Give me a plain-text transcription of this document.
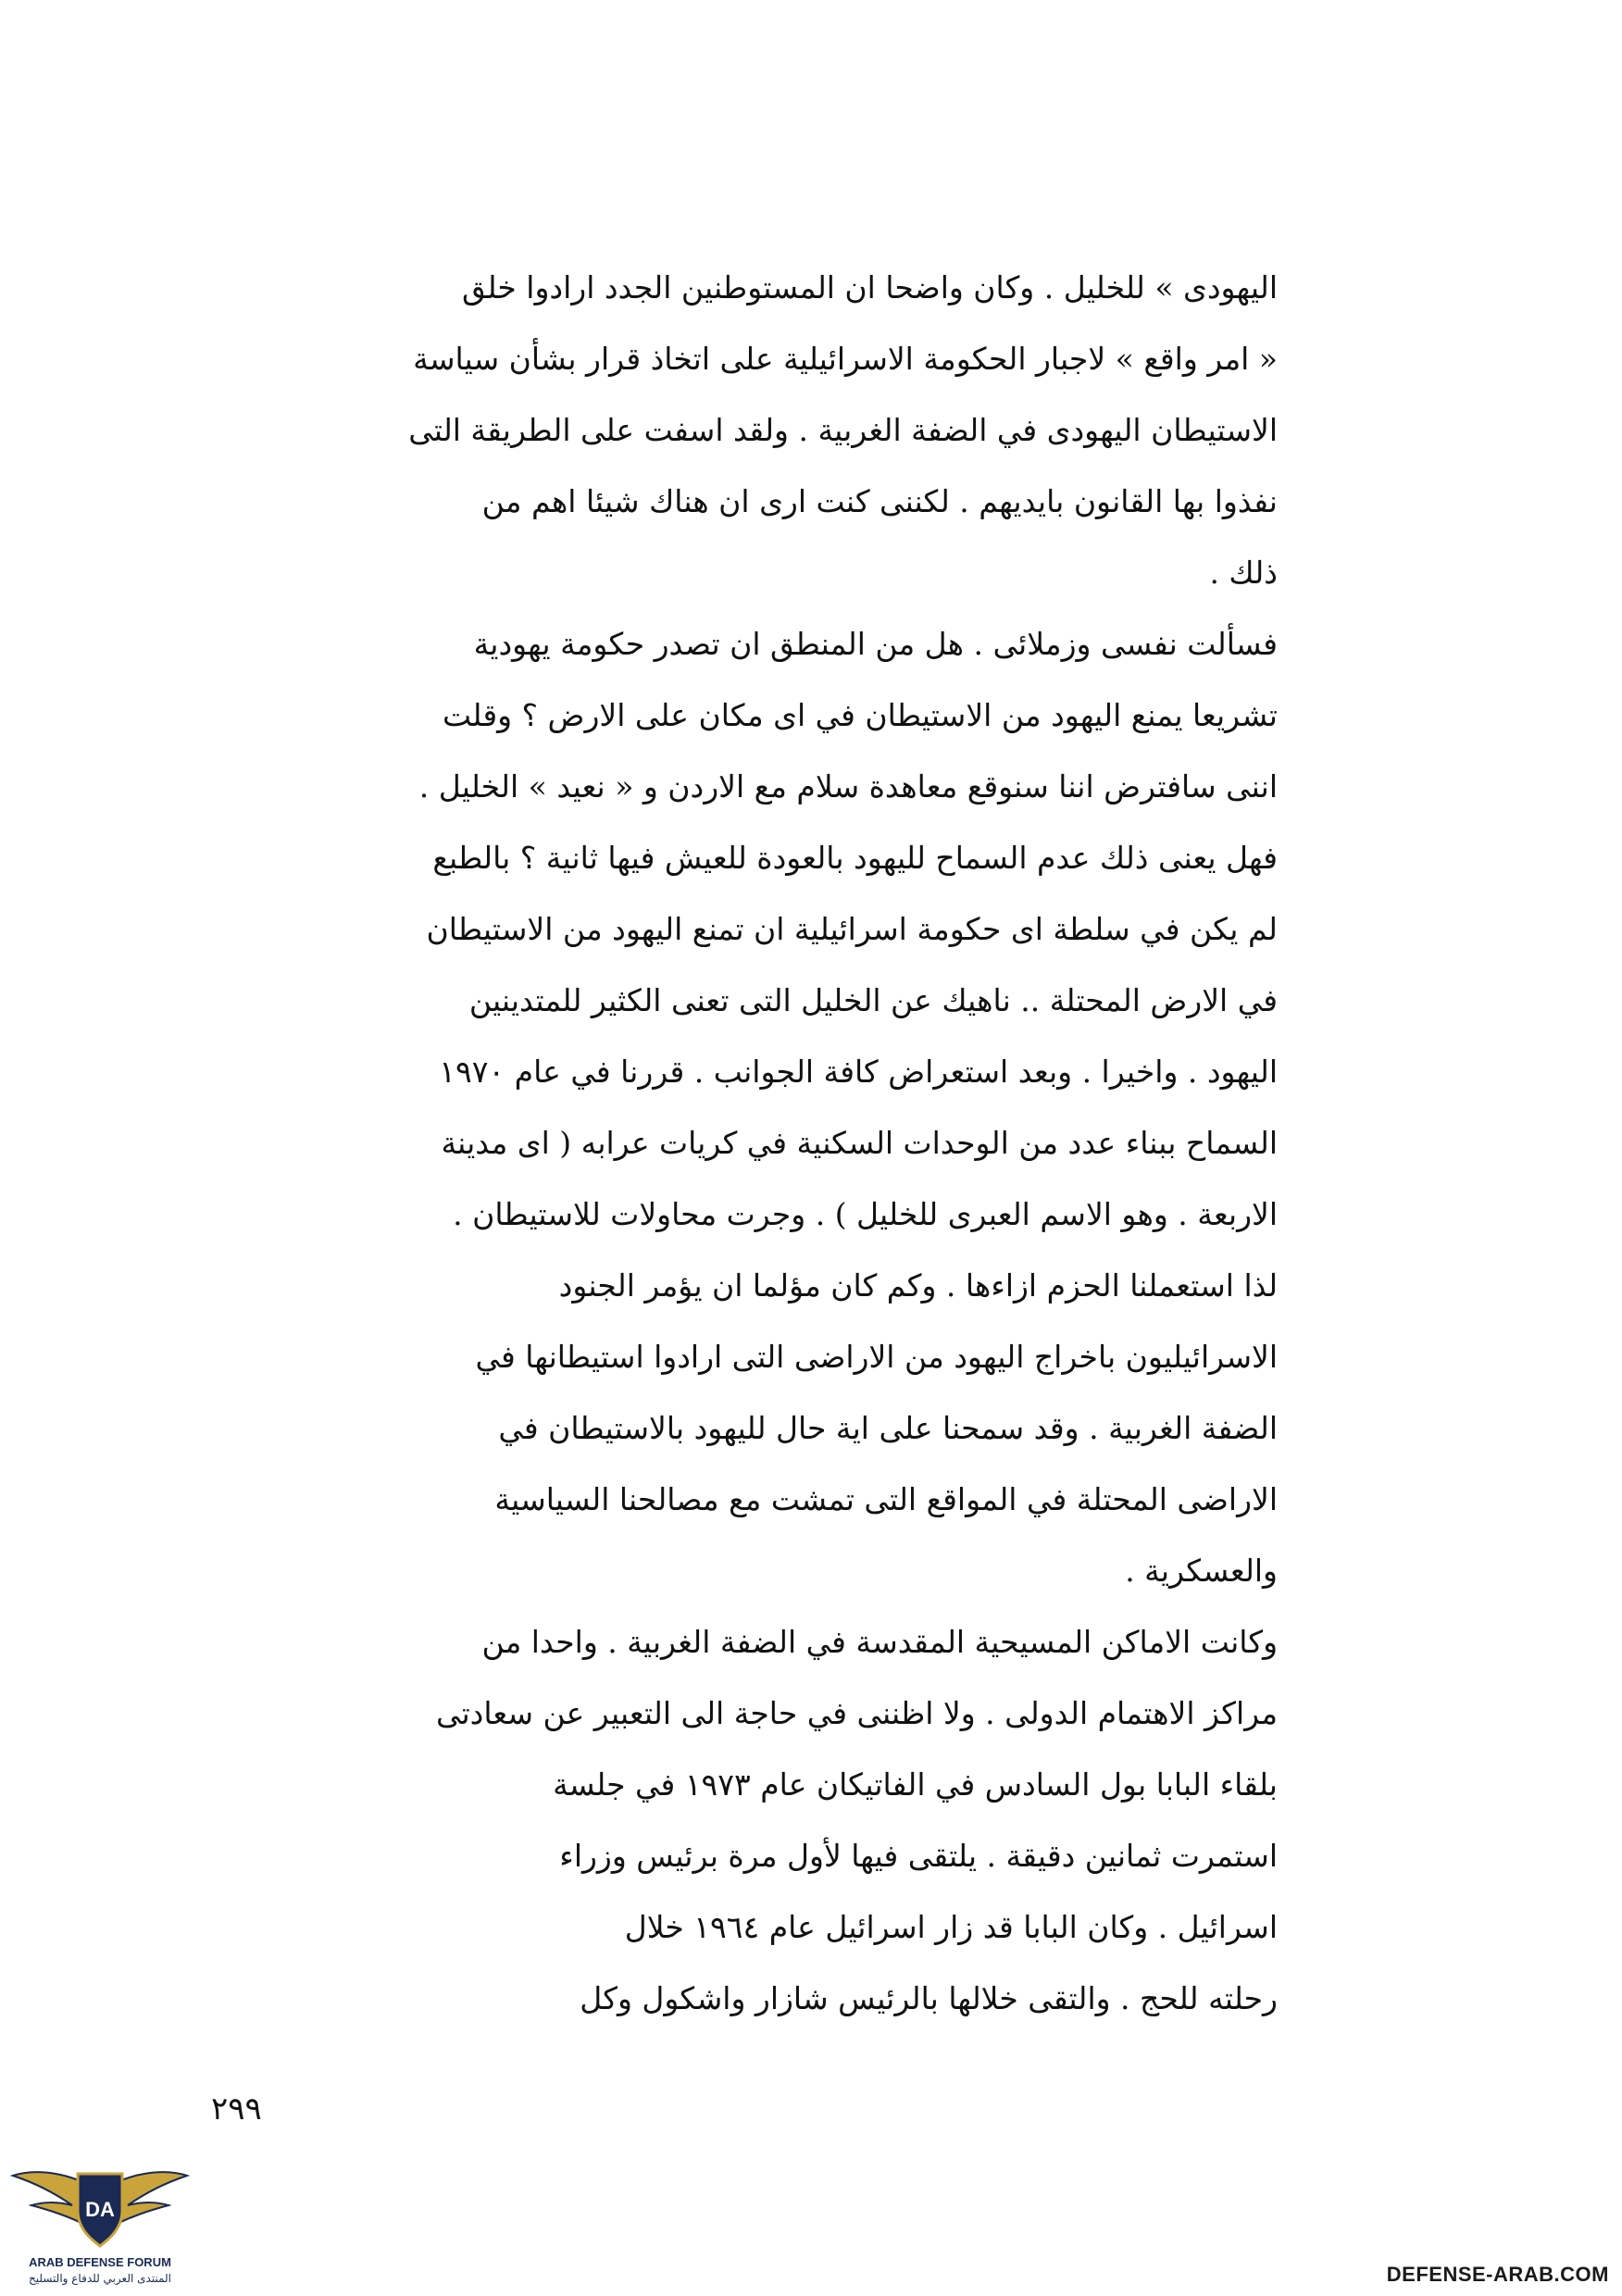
اليهودى » للخليل . وكان واضحا ان المستوطنين الجدد ارادوا خلق
« امر واقع » لاجبار الحكومة الاسرائيلية على اتخاذ قرار بشأن سياسة
الاستيطان اليهودى في الضفة الغربية . ولقد اسفت على الطريقة التى
نفذوا بها القانون بايديهم . لكننى كنت ارى ان هناك شيئا اهم من
ذلك .

فسألت نفسى وزملائى . هل من المنطق ان تصدر حكومة يهودية
تشريعا يمنع اليهود من الاستيطان في اى مكان على الارض ؟ وقلت
اننى سافترض اننا سنوقع معاهدة سلام مع الاردن و « نعيد » الخليل .
فهل يعنى ذلك عدم السماح لليهود بالعودة للعيش فيها ثانية ؟ بالطبع
لم يكن في سلطة اى حكومة اسرائيلية ان تمنع اليهود من الاستيطان
في الارض المحتلة .. ناهيك عن الخليل التى تعنى الكثير للمتدينين
اليهود . واخيرا . وبعد استعراض كافة الجوانب . قررنا في عام ١٩٧٠
السماح ببناء عدد من الوحدات السكنية في كريات عرابه ( اى مدينة
الاربعة . وهو الاسم العبرى للخليل ) . وجرت محاولات للاستيطان .
لذا استعملنا الحزم ازاءها . وكم كان مؤلما ان يؤمر الجنود
الاسرائيليون باخراج اليهود من الاراضى التى ارادوا استيطانها في
الضفة الغربية . وقد سمحنا على اية حال لليهود بالاستيطان في
الاراضى المحتلة في المواقع التى تمشت مع مصالحنا السياسية
والعسكرية .

وكانت الاماكن المسيحية المقدسة في الضفة الغربية . واحدا من
مراكز الاهتمام الدولى . ولا اظننى في حاجة الى التعبير عن سعادتى
بلقاء البابا بول السادس في الفاتيكان عام ١٩٧٣ في جلسة
استمرت ثمانين دقيقة . يلتقى فيها لأول مرة برئيس وزراء
اسرائيل . وكان البابا قد زار اسرائيل عام ١٩٦٤ خلال
رحلته للحج . والتقى خلالها بالرئيس شازار واشكول وكل

٢٩٩
DA
ARAB DEFENSE FORUM
المنتدى العربي للدفاع والتسليح	DEFENSE-ARAB.COM
